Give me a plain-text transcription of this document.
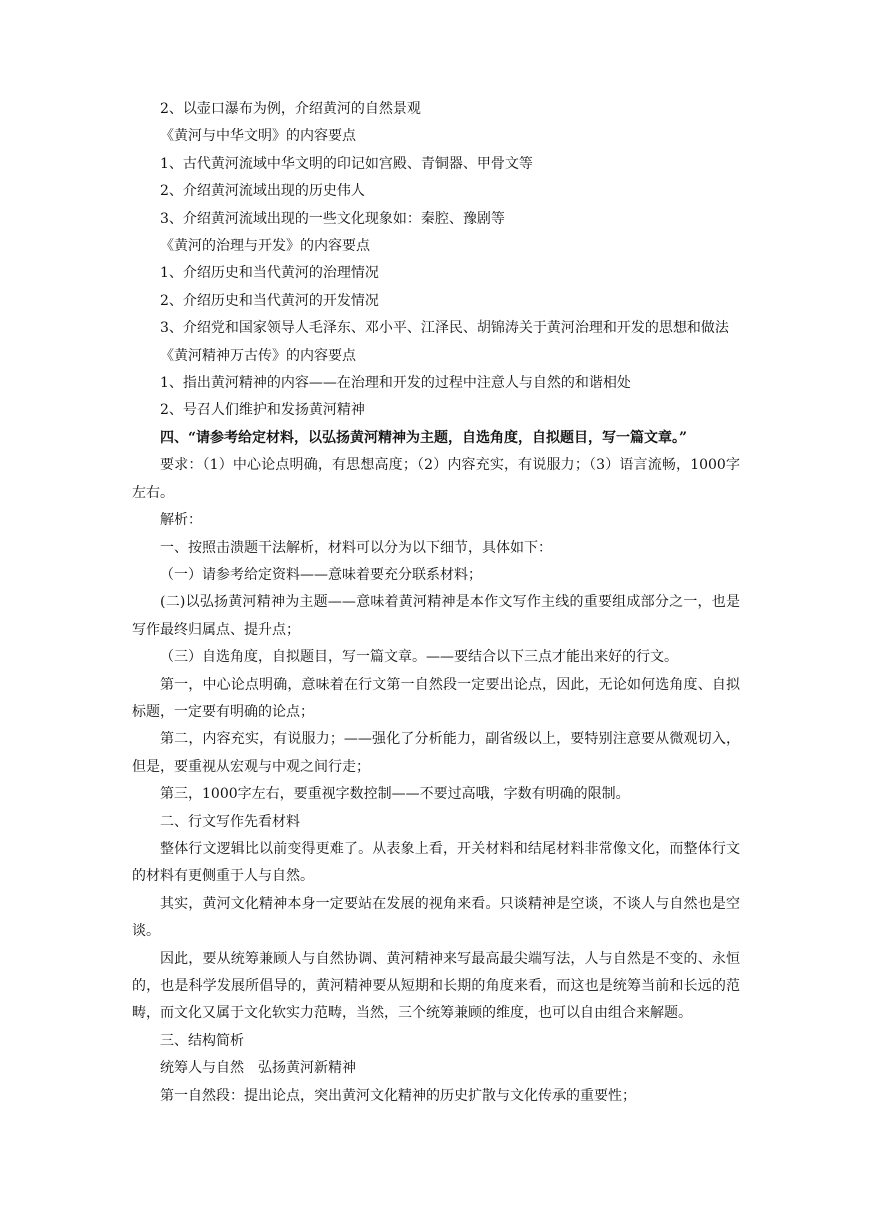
2、以壶口瀑布为例，介绍黄河的自然景观

《黄河与中华文明》的内容要点

1、古代黄河流域中华文明的印记如宫殿、青铜器、甲骨文等

2、介绍黄河流域出现的历史伟人

3、介绍黄河流域出现的一些文化现象如：秦腔、豫剧等

《黄河的治理与开发》的内容要点

1、介绍历史和当代黄河的治理情况

2、介绍历史和当代黄河的开发情况

3、介绍党和国家领导人毛泽东、邓小平、江泽民、胡锦涛关于黄河治理和开发的思想和做法

《黄河精神万古传》的内容要点

1、指出黄河精神的内容——在治理和开发的过程中注意人与自然的和谐相处

2、号召人们维护和发扬黄河精神

四、“请参考给定材料，以弘扬黄河精神为主题，自选角度，自拟题目，写一篇文章。”

要求：（1）中心论点明确，有思想高度；（2）内容充实，有说服力；（3）语言流畅，1000字左右。

解析：

一、按照击溃题干法解析，材料可以分为以下细节，具体如下：

（一）请参考给定资料——意味着要充分联系材料；

(二)以弘扬黄河精神为主题——意味着黄河精神是本作文写作主线的重要组成部分之一，也是写作最终归属点、提升点；

（三）自选角度，自拟题目，写一篇文章。——要结合以下三点才能出来好的行文。

第一，中心论点明确，意味着在行文第一自然段一定要出论点，因此，无论如何选角度、自拟标题，一定要有明确的论点；

第二，内容充实，有说服力；——强化了分析能力，副省级以上，要特别注意要从微观切入，但是，要重视从宏观与中观之间行走；

第三，1000字左右，要重视字数控制——不要过高哦，字数有明确的限制。

二、行文写作先看材料

整体行文逻辑比以前变得更难了。从表象上看，开关材料和结尾材料非常像文化，而整体行文的材料有更侧重于人与自然。

其实，黄河文化精神本身一定要站在发展的视角来看。只谈精神是空谈，不谈人与自然也是空谈。

因此，要从统筹兼顾人与自然协调、黄河精神来写最高最尖端写法，人与自然是不变的、永恒的，也是科学发展所倡导的，黄河精神要从短期和长期的角度来看，而这也是统筹当前和长远的范畴，而文化又属于文化软实力范畴，当然，三个统筹兼顾的维度，也可以自由组合来解题。

三、结构简析

统筹人与自然　弘扬黄河新精神

第一自然段：提出论点，突出黄河文化精神的历史扩散与文化传承的重要性；
